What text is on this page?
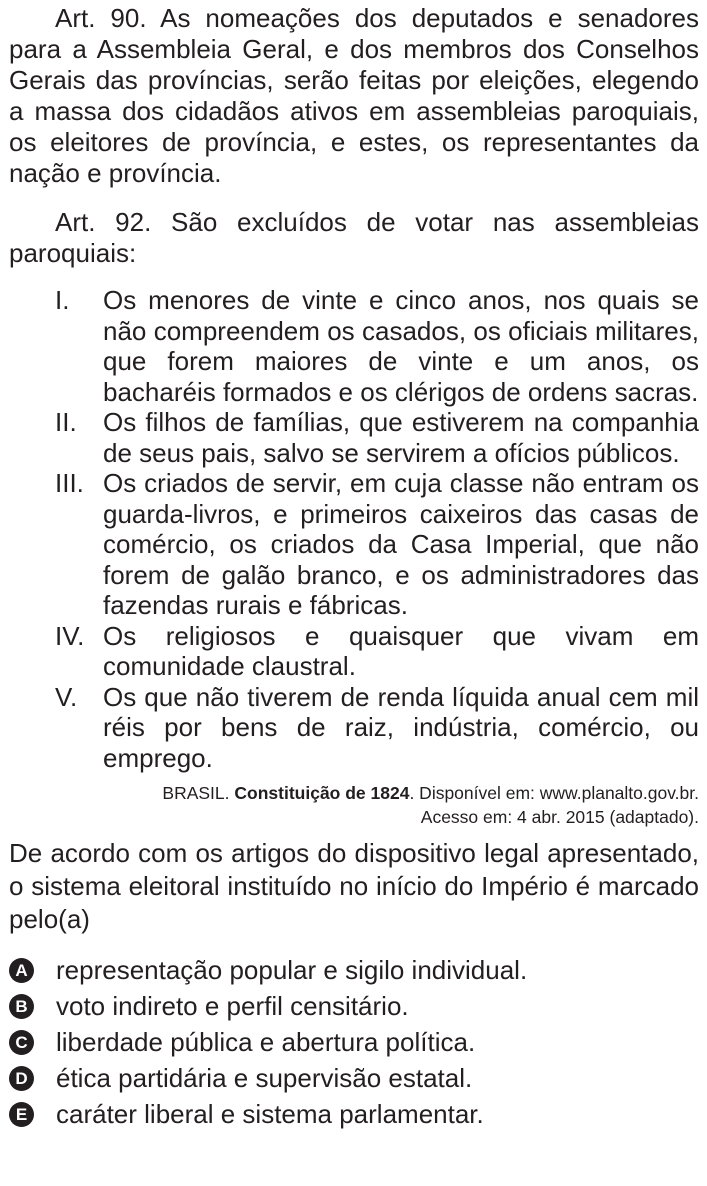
Art. 90. As nomeações dos deputados e senadores para a Assembleia Geral, e dos membros dos Conselhos Gerais das províncias, serão feitas por eleições, elegendo a massa dos cidadãos ativos em assembleias paroquiais, os eleitores de província, e estes, os representantes da nação e província.

Art. 92. São excluídos de votar nas assembleias paroquiais:

I.	Os menores de vinte e cinco anos, nos quais se não compreendem os casados, os oficiais militares, que forem maiores de vinte e um anos, os bacharéis formados e os clérigos de ordens sacras.
II.	Os filhos de famílias, que estiverem na companhia de seus pais, salvo se servirem a ofícios públicos.
III. Os criados de servir, em cuja classe não entram os guarda-livros, e primeiros caixeiros das casas de comércio, os criados da Casa Imperial, que não forem de galão branco, e os administradores das fazendas rurais e fábricas.
IV. Os religiosos e quaisquer que vivam em comunidade claustral.
V. Os que não tiverem de renda líquida anual cem mil réis por bens de raiz, indústria, comércio, ou emprego.
BRASIL. Constituição de 1824. Disponível em: www.planalto.gov.br.
Acesso em: 4 abr. 2015 (adaptado).

De acordo com os artigos do dispositivo legal apresentado, o sistema eleitoral instituído no início do Império é marcado pelo(a)

A representação popular e sigilo individual.
B voto indireto e perfil censitário.
C liberdade pública e abertura política.
D ética partidária e supervisão estatal.
E caráter liberal e sistema parlamentar.
